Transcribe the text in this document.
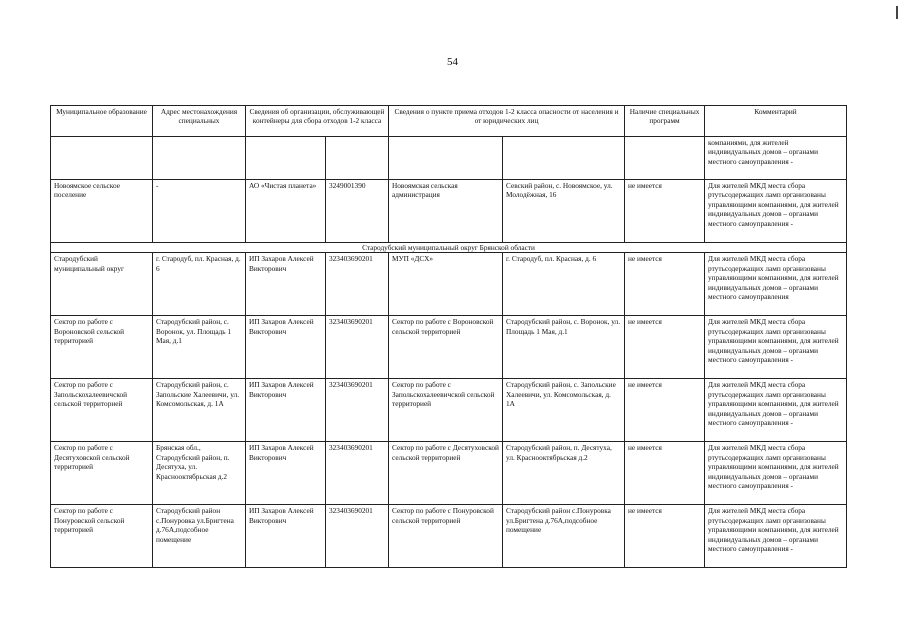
54
Муниципальное образование	Адрес местонахождения специальных	Сведения об организации, обслуживающей контейнеры для сбора отходов 1-2 класса		Сведения о пункте приема отходов 1-2 класса опасности от населения и от юридических лиц		Наличие специальных программ	Комментарий
							компаниями, для жителей индивидуальных домов – органами местного самоуправления -
Новоямское сельское поселение	-	АО «Чистая планета»	3249001390	Новоямская сельская администрация	Севский район, с. Новоямское, ул. Молодёжная, 16	не имеется	Для жителей МКД места сбора ртутьсодержащих ламп организованы управляющими компаниями, для жителей индивидуальных домов – органами местного самоуправления -
Стародубский муниципальный округ Брянской области							
Стародубский муниципальный округ	г. Стародуб, пл. Красная, д. 6	ИП Захаров Алексей Викторович	323403690201	МУП «ДСХ»	г. Стародуб, пл. Красная, д. 6	не имеется	Для жителей МКД места сбора ртутьсодержащих ламп организованы управляющими компаниями, для жителей индивидуальных домов – органами местного самоуправления
Сектор по работе с Вороновской сельской территорией	Стародубский район, с. Воронок, ул. Площадь 1 Мая, д.1	ИП Захаров Алексей Викторович	323403690201	Сектор по работе с Вороновской сельской территорией	Стародубский район, с. Воронок, ул. Площадь 1 Мая, д.1	не имеется	Для жителей МКД места сбора ртутьсодержащих ламп организованы управляющими компаниями, для жителей индивидуальных домов – органами местного самоуправления -
Сектор по работе с Запольскохалеевичской сельской территорией	Стародубский район, с. Запольские Халеевичи, ул. Комсомольская, д. 1А	ИП Захаров Алексей Викторович	323403690201	Сектор по работе с Запольскохалеевичской сельской территорией	Стародубский район, с. Запольские Халеевичи, ул. Комсомольская, д. 1А	не имеется	Для жителей МКД места сбора ртутьсодержащих ламп организованы управляющими компаниями, для жителей индивидуальных домов – органами местного самоуправления -
Сектор по работе с Десятуховской сельской территорией	Брянская обл., Стародубский район, п. Десятуха, ул. Краснооктябрьская д.2	ИП Захаров Алексей Викторович	323403690201	Сектор по работе с Десятуховской сельской территорией	Стародубский район, п. Десятуха, ул. Краснооктябрьская д.2	не имеется	Для жителей МКД места сбора ртутьсодержащих ламп организованы управляющими компаниями, для жителей индивидуальных домов – органами местного самоуправления -
Сектор по работе с Понуровской сельской территорией	Стародубский район с.Понуровка ул.Бригтена д.76А,подсобное помещение	ИП Захаров Алексей Викторович	323403690201	Сектор по работе с Понуровской сельской территорией	Стародубский район с.Понуровка ул.Бригтена д.76А,подсобное помещение	не имеется	Для жителей МКД места сбора ртутьсодержащих ламп организованы управляющими компаниями, для жителей индивидуальных домов – органами местного самоуправления -
